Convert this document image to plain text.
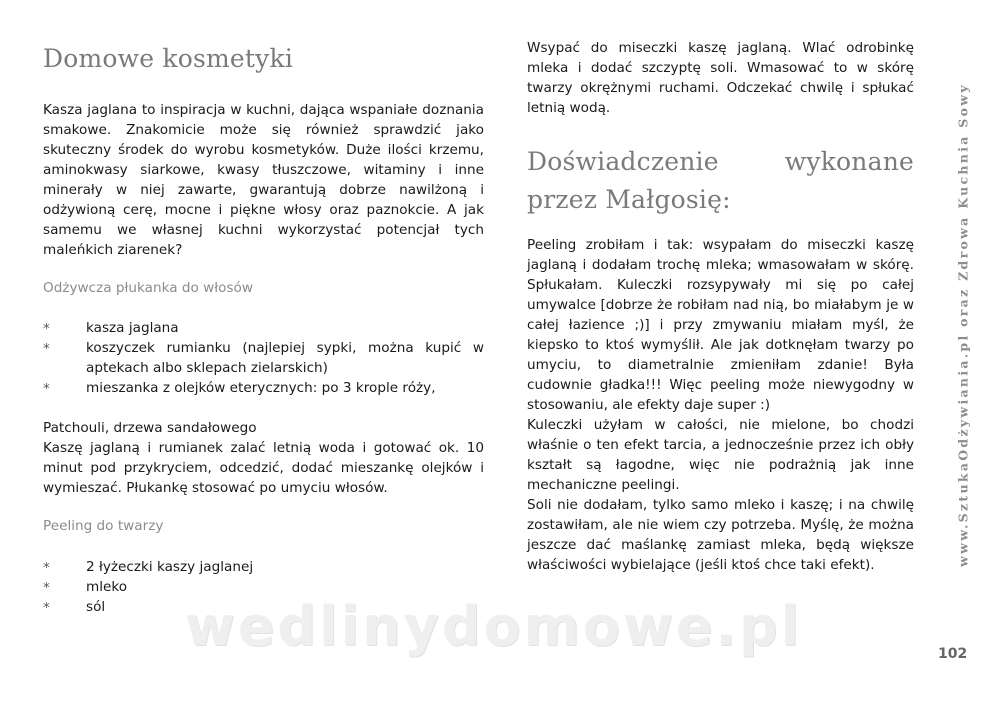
Domowe kosmetyki

Kasza jaglana to inspiracja w kuchni, dająca wspaniałe doznania smakowe. Znakomicie może się również sprawdzić jako skuteczny środek do wyrobu kosmetyków. Duże ilości krzemu, aminokwasy siarkowe, kwasy tłuszczowe, witaminy i inne minerały w niej zawarte, gwarantują dobrze nawilżoną i odżywioną cerę, mocne i piękne włosy oraz paznokcie. A jak samemu we własnej kuchni wykorzystać potencjał tych maleńkich ziarenek?

Odżywcza płukanka do włosów

*	kasza jaglana
*	koszyczek rumianku (najlepiej sypki, można kupić w aptekach albo sklepach zielarskich)
*	mieszanka z olejków eterycznych: po 3 krople róży,

Patchouli, drzewa sandałowego
Kaszę jaglaną i rumianek zalać letnią woda i gotować ok. 10 minut pod przykryciem, odcedzić, dodać mieszankę olejków i wymieszać. Płukankę stosować po umyciu włosów.

Peeling do twarzy

*	2 łyżeczki kaszy jaglanej
*	mleko
*	sól

Wsypać do miseczki kaszę jaglaną. Wlać odrobinkę mleka i dodać szczyptę soli. Wmasować to w skórę twarzy okrężnymi ruchami. Odczekać chwilę i spłukać letnią wodą.

Doświadczenie wykonane przez Małgosię:

Peeling zrobiłam i tak: wsypałam do miseczki kaszę jaglaną i dodałam trochę mleka; wmasowałam w skórę. Spłukałam. Kuleczki rozsypywały mi się po całej umywalce [dobrze że robiłam nad nią, bo miałabym je w całej łazience ;)] i przy zmywaniu miałam myśl, że kiepsko to ktoś wymyślił. Ale jak dotknęłam twarzy po umyciu, to diametralnie zmieniłam zdanie! Była cudownie gładka!!! Więc peeling może niewygodny w stosowaniu, ale efekty daje super :)
Kuleczki użyłam w całości, nie mielone, bo chodzi właśnie o ten efekt tarcia, a jednocześnie przez ich obły kształt są łagodne, więc nie podrażnią jak inne mechaniczne peelingi.
Soli nie dodałam, tylko samo mleko i kaszę; i na chwilę zostawiłam, ale nie wiem czy potrzeba. Myślę, że można jeszcze dać maślankę zamiast mleka, będą większe właściwości wybielające (jeśli ktoś chce taki efekt).	www.SztukaOdżywiania.pl oraz Zdrowa Kuchnia Sowy
102
wedlinydomowe.pl
